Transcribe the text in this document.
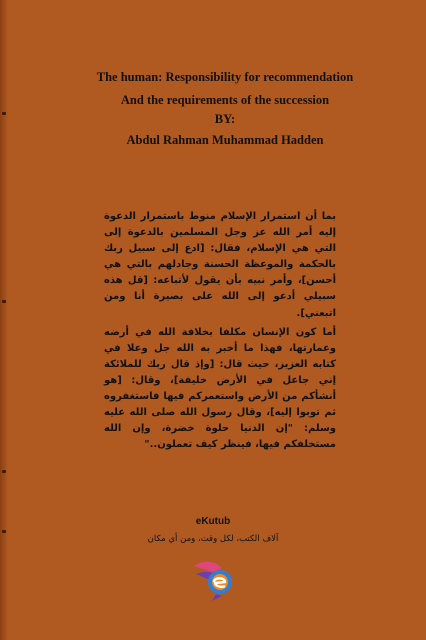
The human: Responsibility for recommendation
And the requirements of the succession
BY:
Abdul Rahman Muhammad Hadden

بما أن استمرار الإسلام منوط باستمرار الدعوة إليه أمر الله عز وجل المسلمين بالدعوة إلى التي هي الإسلام، فقال: [ادع إلى سبيل ربك بالحكمة والموعظة الحسنة وجادلهم بالتي هي أحسن]، وأمر نبيه بأن يقول لأتباعه: [قل هذه سبيلي أدعو إلى الله على بصيرة أنا ومن اتبعني].

أما كون الإنسان مكلفا بخلافة الله في أرضه وعمارتها، فهذا ما أخبر به الله جل وعلا في كتابه العزيز، حيث قال: [وإذ قال ربك للملائكة إني جاعل في الأرض خليفة]، وقال: [هو أنشأكم من الأرض واستعمركم فيها فاستغفروه ثم توبوا إليه]، وقال رسول الله صلى الله عليه وسلم: "إن الدنيا حلوة خضرة، وإن الله مستخلفكم فيها، فينظر كيف تعملون.."

eKutub
آلاف الكتب، لكل وقت، ومن أي مكان
